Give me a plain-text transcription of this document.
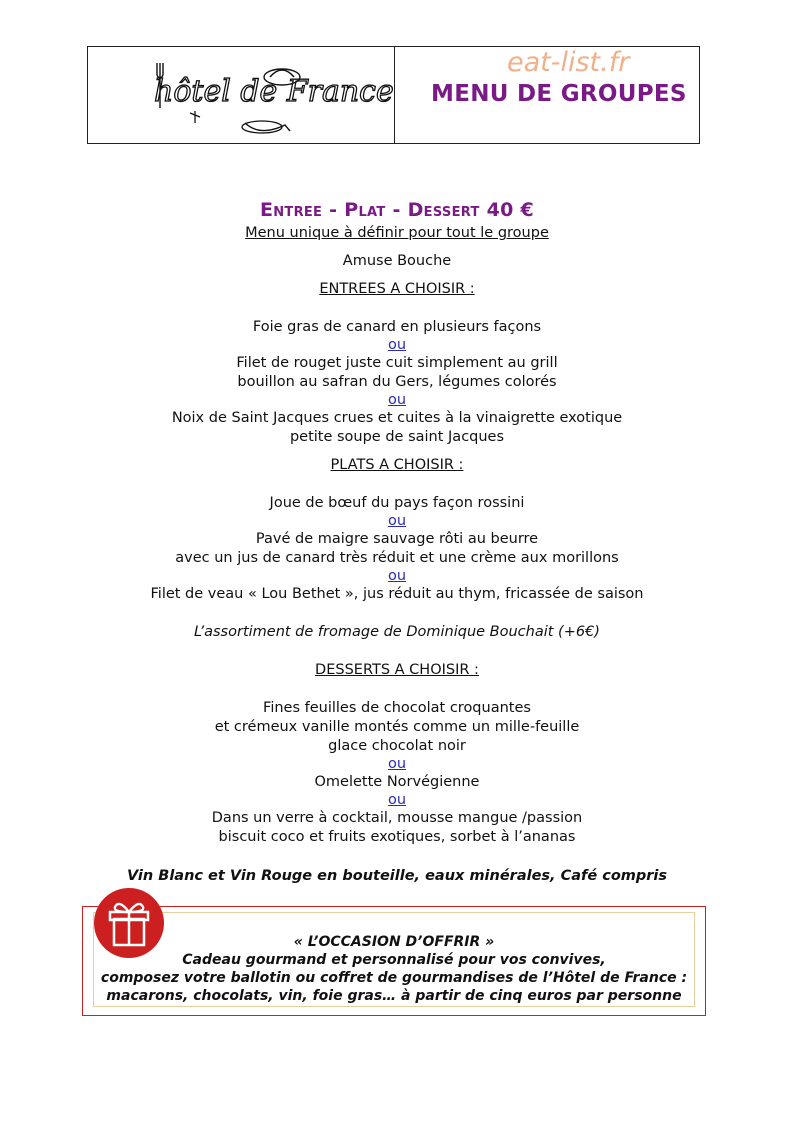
hôtel de France
eat-list.fr
MENU DE GROUPES
Entree - Plat - Dessert 40 €
Menu unique à définir pour tout le groupe
Amuse Bouche
ENTREES A CHOISIR :
Foie gras de canard en plusieurs façons
ou
Filet de rouget juste cuit simplement au grill
bouillon au safran du Gers, légumes colorés
ou
Noix de Saint Jacques crues et cuites à la vinaigrette exotique
petite soupe de saint Jacques
PLATS A CHOISIR :
Joue de bœuf du pays façon rossini
ou
Pavé de maigre sauvage rôti au beurre
avec un jus de canard très réduit et une crème aux morillons
ou
Filet de veau « Lou Bethet », jus réduit au thym, fricassée de saison
L’assortiment de fromage de Dominique Bouchait (+6€)
DESSERTS A CHOISIR :
Fines feuilles de chocolat croquantes
et crémeux vanille montés comme un mille-feuille
glace chocolat noir
ou
Omelette Norvégienne
ou
Dans un verre à cocktail, mousse mangue /passion
biscuit coco et fruits exotiques, sorbet à l’ananas
Vin Blanc et Vin Rouge en bouteille, eaux minérales, Café compris
« L’OCCASION D’OFFRIR »
Cadeau gourmand et personnalisé pour vos convives,
composez votre ballotin ou coffret de gourmandises de l’Hôtel de France :
macarons, chocolats, vin, foie gras… à partir de cinq euros par personne
